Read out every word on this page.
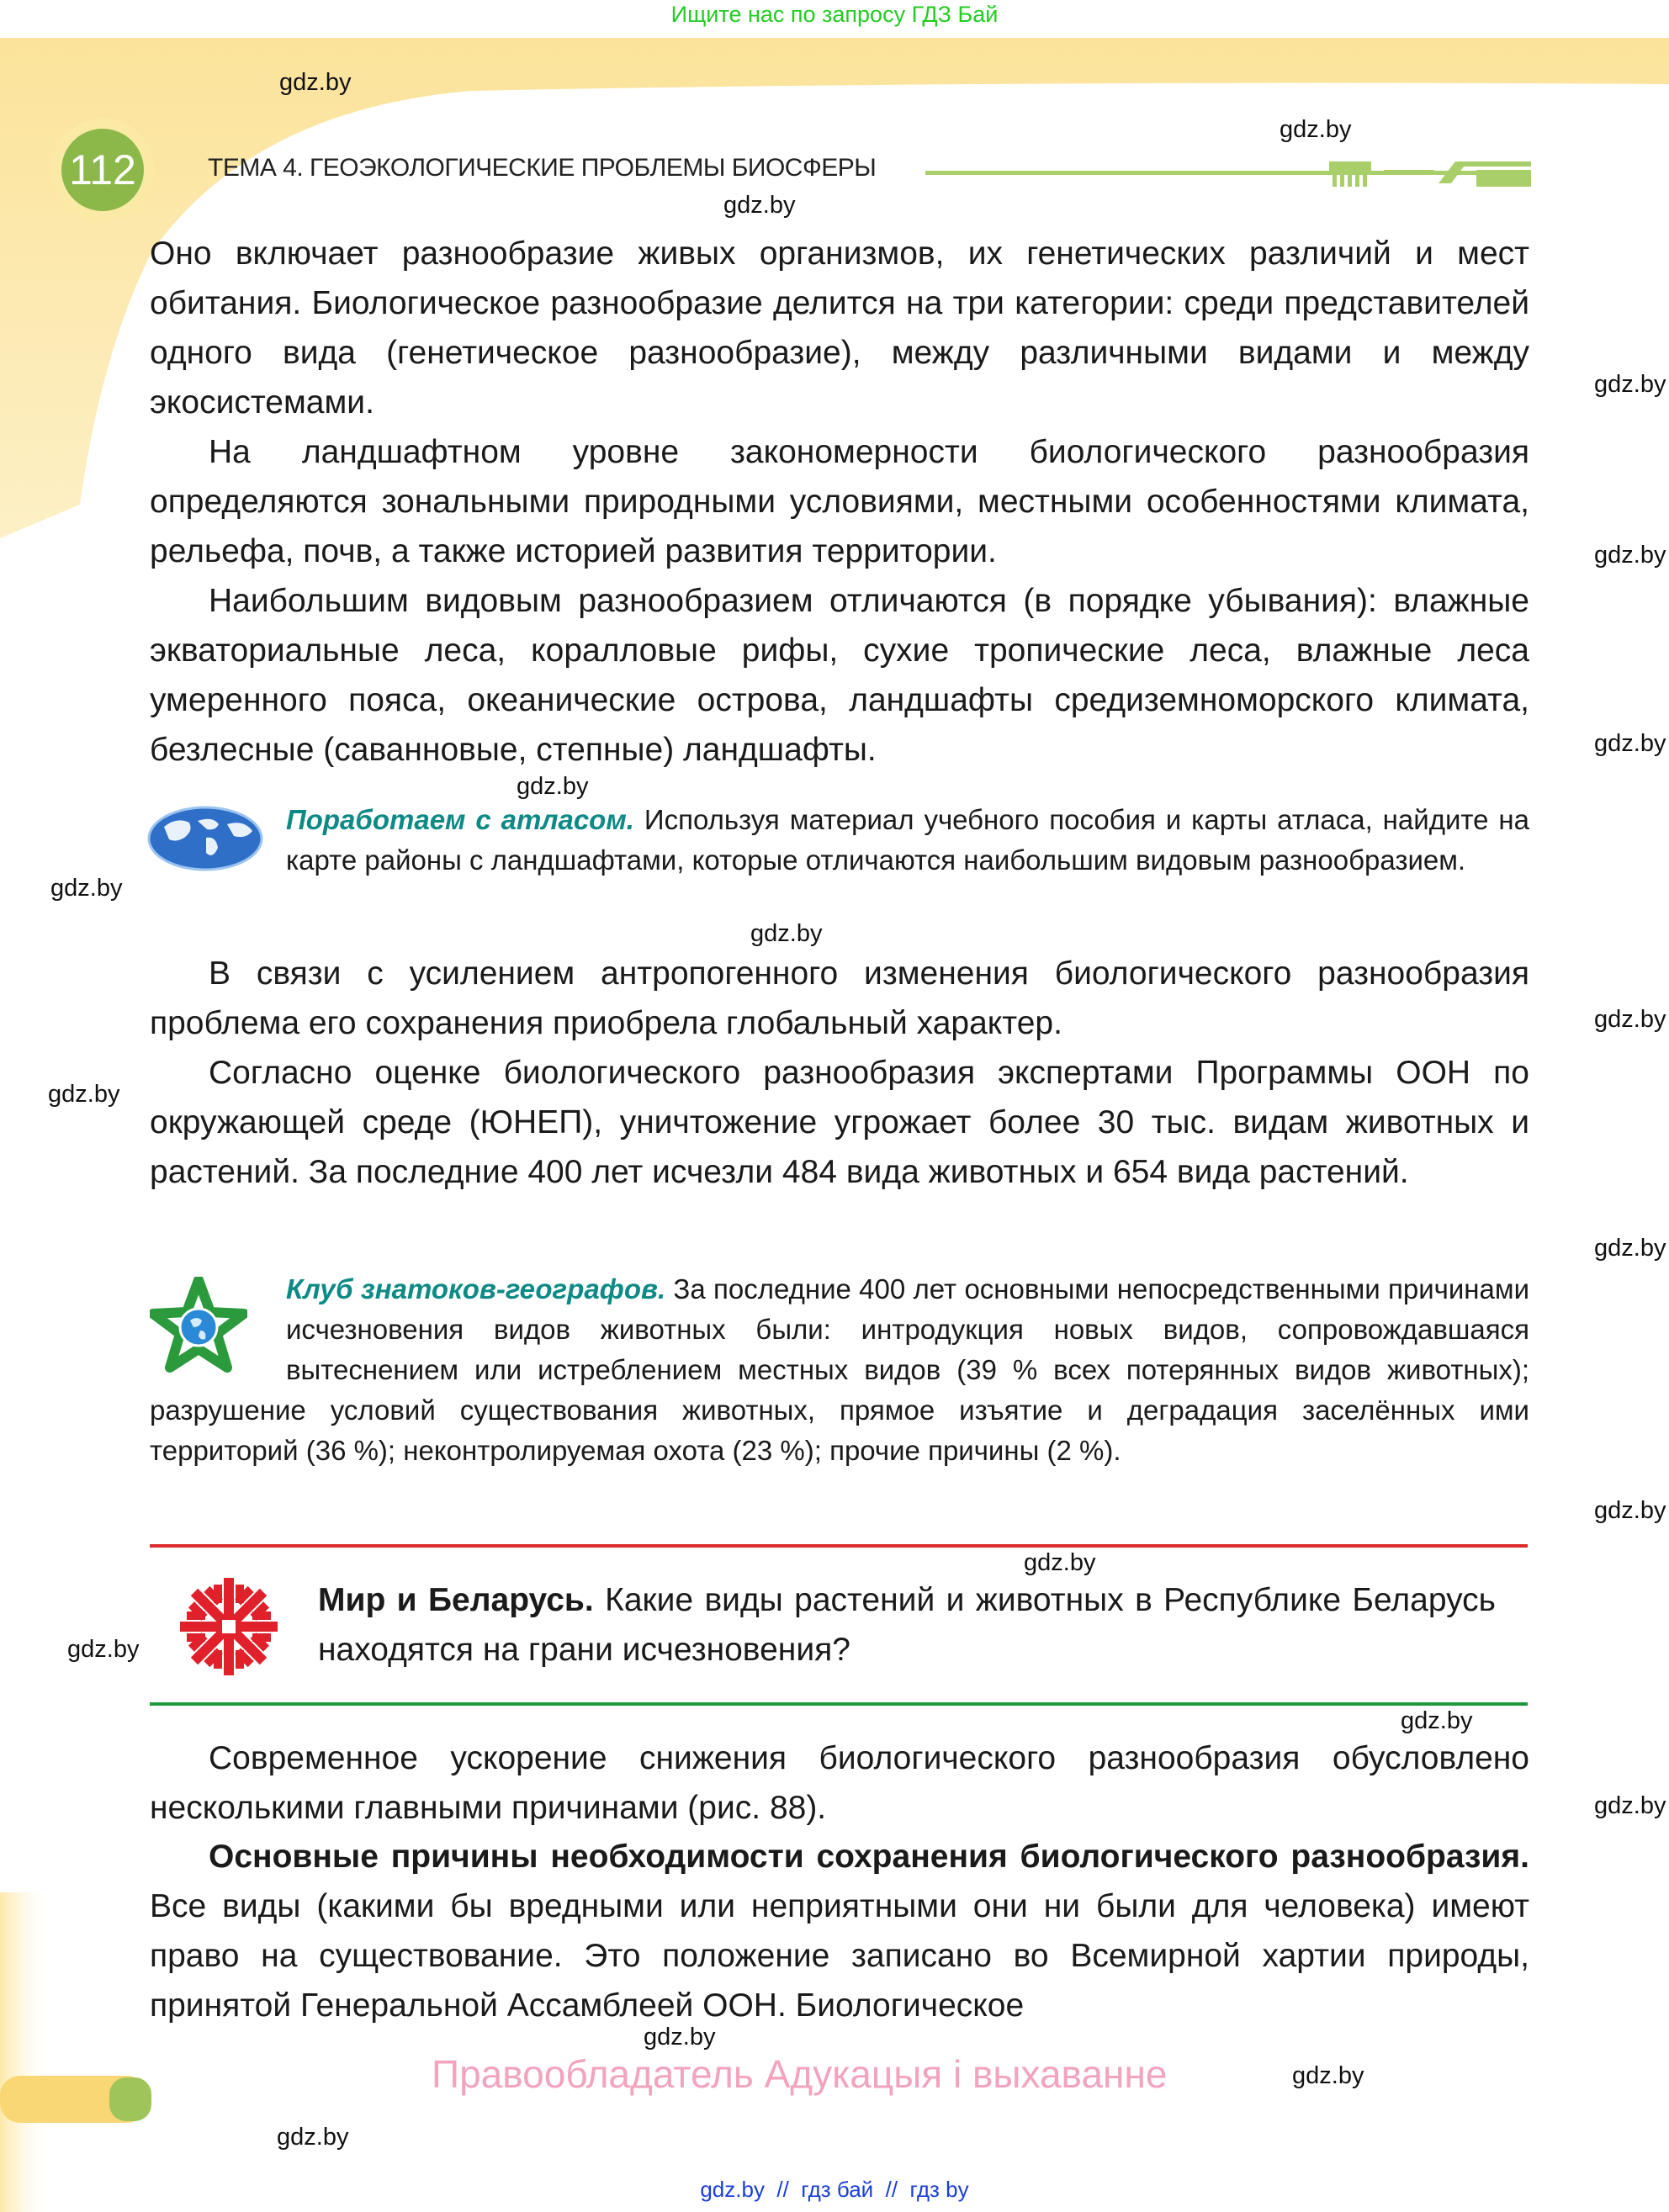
Ищите нас по запросу ГДЗ Бай
112	ТЕМА 4. ГЕОЭКОЛОГИЧЕСКИЕ ПРОБЛЕМЫ БИОСФЕРЫ
Оно включает разнообразие живых организмов, их генетических различий и мест обитания. Биологическое разнообразие делится на три категории: среди представителей одного вида (генетическое разнообразие), между различными видами и между экосистемами.
На ландшафтном уровне закономерности биологического разнообразия определяются зональными природными условиями, местными особенностями климата, рельефа, почв, а также историей развития территории.
Наибольшим видовым разнообразием отличаются (в порядке убывания): влажные экваториальные леса, коралловые рифы, сухие тропические леса, влажные леса умеренного пояса, океанические острова, ландшафты средиземноморского климата, безлесные (саванновые, степные) ландшафты.
Поработаем с атласом. Используя материал учебного пособия и карты атласа, найдите на карте районы с ландшафтами, которые отличаются наибольшим видовым разнообразием.
В связи с усилением антропогенного изменения биологического разнообразия проблема его сохранения приобрела глобальный характер.
Согласно оценке биологического разнообразия экспертами Программы ООН по окружающей среде (ЮНЕП), уничтожение угрожает более 30 тыс. видам животных и растений. За последние 400 лет исчезли 484 вида животных и 654 вида растений.
Клуб знатоков-географов. За последние 400 лет основными непосредственными причинами исчезновения видов животных были: интродукция новых видов, сопровождавшаяся вытеснением или истреблением местных видов (39 % всех потерянных видов животных); разрушение условий существования животных, прямое изъятие и деградация заселённых ими территорий (36 %); неконтролируемая охота (23 %); прочие причины (2 %).
Мир и Беларусь. Какие виды растений и животных в Республике Беларусь находятся на грани исчезновения?
Современное ускорение снижения биологического разнообразия обусловлено несколькими главными причинами (рис. 88).
Основные причины необходимости сохранения биологического разнообразия. Все виды (какими бы вредными или неприятными они ни были для человека) имеют право на существование. Это положение записано во Всемирной хартии природы, принятой Генеральной Ассамблеей ООН. Биологическое
gdz.by
gdz.by
gdz.by
gdz.by
gdz.by
gdz.by
gdz.by
gdz.by
gdz.by
gdz.by
gdz.by
gdz.by
gdz.by
gdz.by
gdz.by
gdz.by
gdz.by
gdz.by
gdz.by
gdz.by
Правообладатель Адукацыя і выхаванне
gdz.by  //  гдз бай  //  гдз by
